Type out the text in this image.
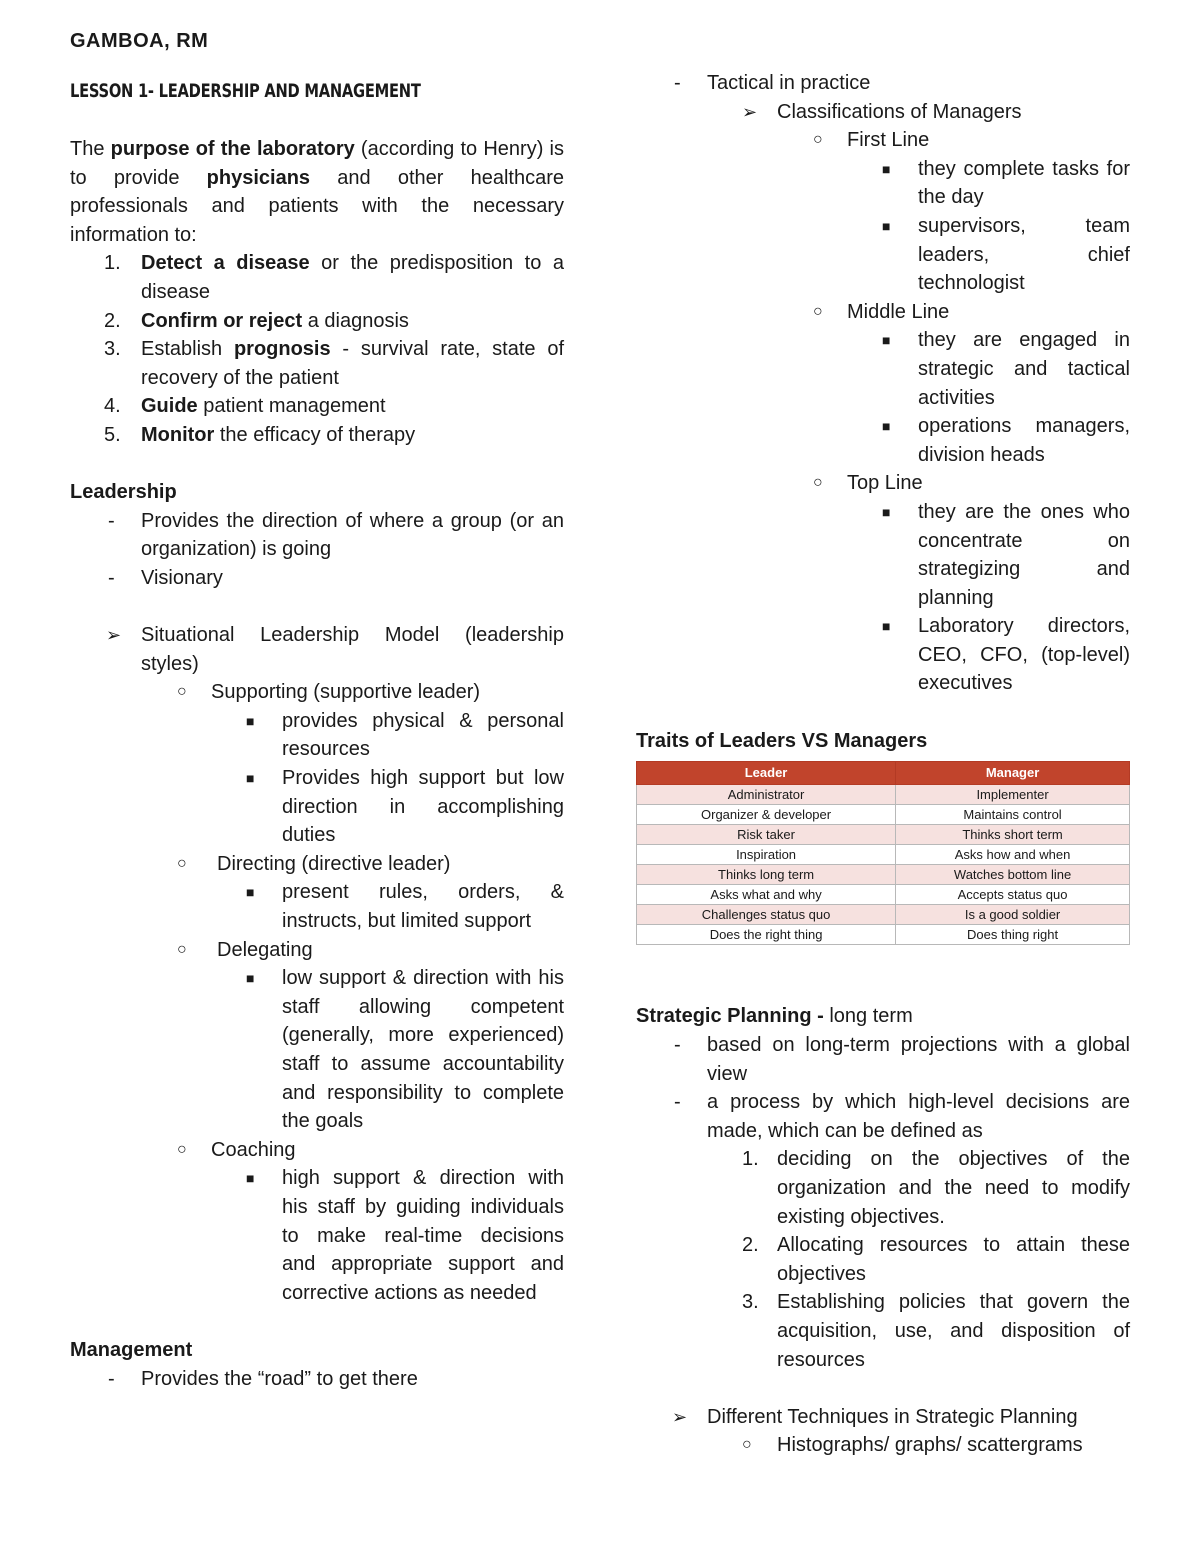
GAMBOA, RM
LESSON 1- LEADERSHIP AND MANAGEMENT
The purpose of the laboratory (according to Henry) is to provide physicians and other healthcare professionals and patients with the necessary information to:
1. Detect a disease or the predisposition to a disease
2. Confirm or reject a diagnosis
3. Establish prognosis - survival rate, state of recovery of the patient
4. Guide patient management
5. Monitor the efficacy of therapy
Leadership
- Provides the direction of where a group (or an organization) is going
- Visionary
➢ Situational Leadership Model (leadership styles)
○ Supporting (supportive leader)
■ provides physical & personal resources
■ Provides high support but low direction in accomplishing duties
○ Directing (directive leader)
■ present rules, orders, & instructs, but limited support
○ Delegating
■ low support & direction with his staff allowing competent (generally, more experienced) staff to assume accountability and responsibility to complete the goals
○ Coaching
■ high support & direction with his staff by guiding individuals to make real-time decisions and appropriate support and corrective actions as needed
Management
- Provides the “road” to get there
- Tactical in practice
➢ Classifications of Managers
○ First Line
■ they complete tasks for the day
■ supervisors, team leaders, chief technologist
○ Middle Line
■ they are engaged in strategic and tactical activities
■ operations managers, division heads
○ Top Line
■ they are the ones who concentrate on strategizing and planning
■ Laboratory directors, CEO, CFO, (top-level) executives
Traits of Leaders VS Managers
Leader	Manager
Administrator	Implementer
Organizer & developer	Maintains control
Risk taker	Thinks short term
Inspiration	Asks how and when
Thinks long term	Watches bottom line
Asks what and why	Accepts status quo
Challenges status quo	Is a good soldier
Does the right thing	Does thing right
Strategic Planning - long term
- based on long-term projections with a global view
- a process by which high-level decisions are made, which can be defined as
1. deciding on the objectives of the organization and the need to modify existing objectives.
2. Allocating resources to attain these objectives
3. Establishing policies that govern the acquisition, use, and disposition of resources
➢ Different Techniques in Strategic Planning
○ Histographs/ graphs/ scattergrams
